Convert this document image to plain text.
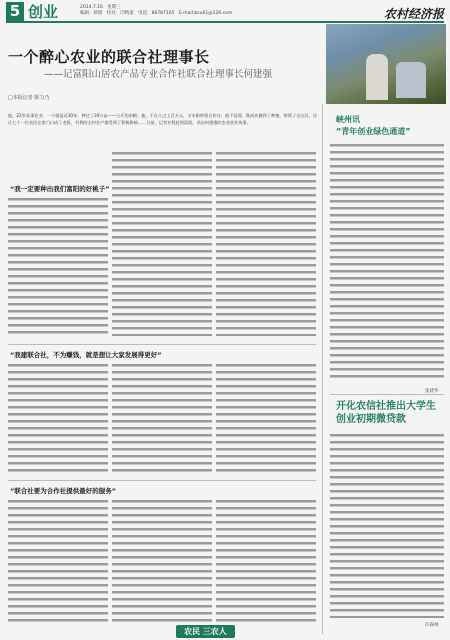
5 创业	2014.7.16   星期三
编辑：欧阳   校对：邝鸭蛋   电话：86787165   E-mail:bsu01@126.com	农村经济报
一个醉心农业的联合社理事长
——记富阳山居农产品专业合作社联合社理事长何建强
□本报记者 陈力乃
他，22岁从事农业，一干就是近30年，种过了30万亩——公斤的杂粮；他，不在人过上百万元，又专职带领合作社；他不信邪，既成功做到了种植，带领了全山区，还让七十一位农民在家门口成了老板，有利的全村农户都受到了积极影响……日前，记者专程赶到富阳，采访何建强的农业创业故事。
“我一定要种出我们富阳的好桃子”
“我建联合社，不为赚钱，就是想让大家发展得更好”
“联合社要为合作社提供最好的服务”
峡州讯
“青年创业绿色通道”
张建华
开化农信社推出大学生创业初期微贷款
许森林
农民 三农人
